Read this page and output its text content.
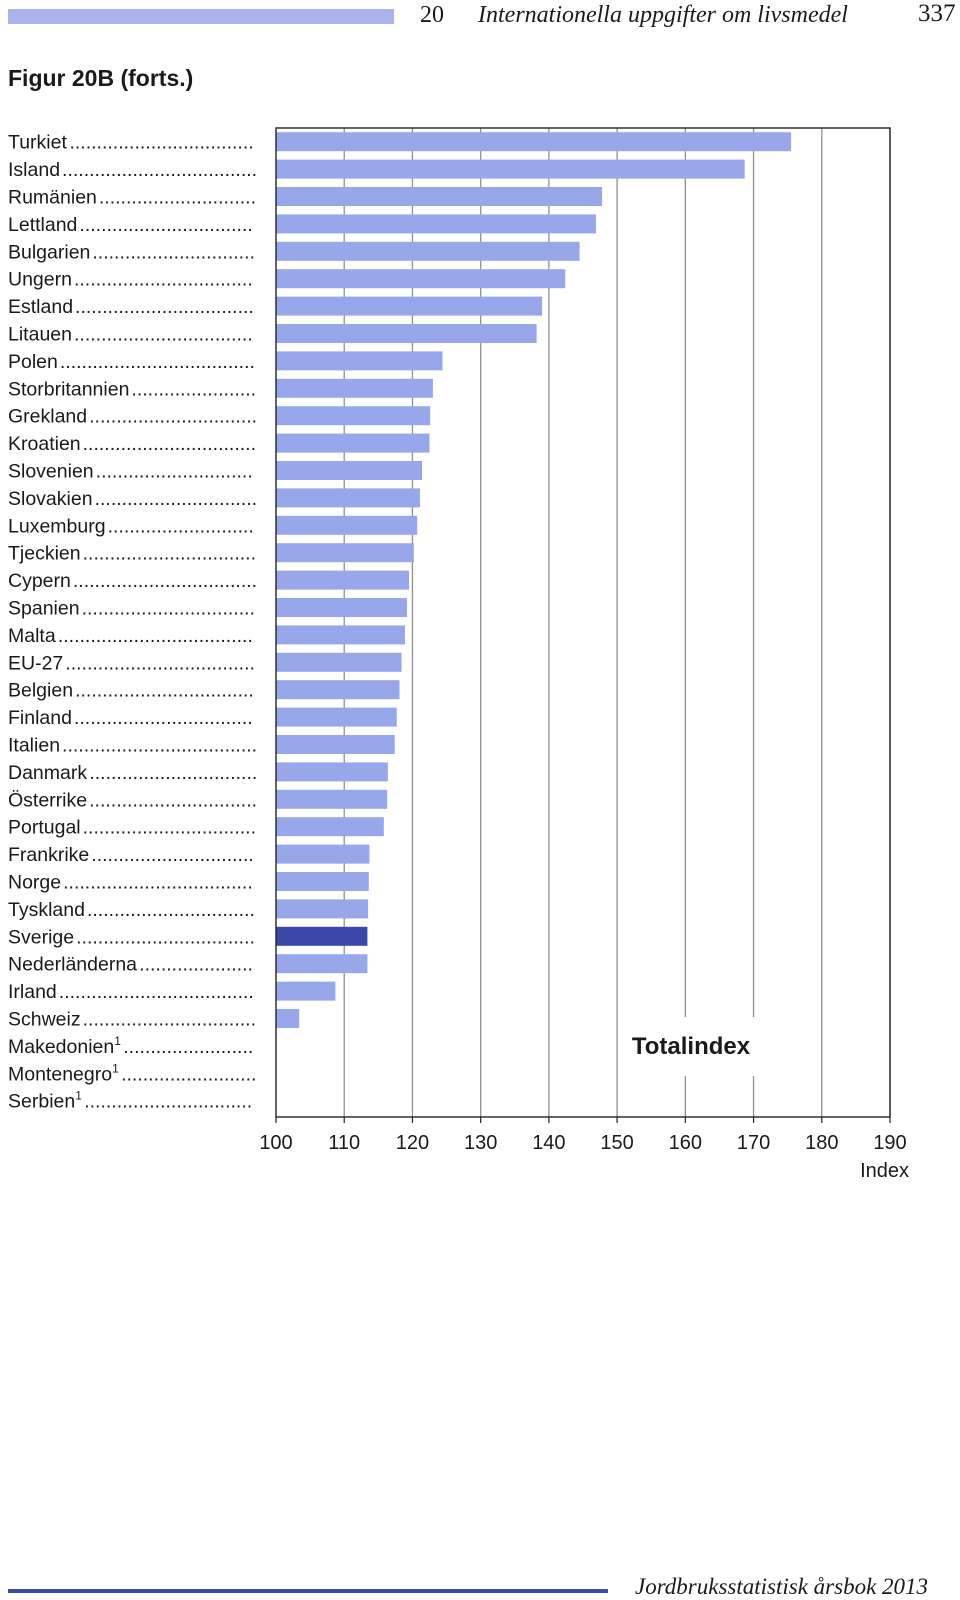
20 Internationella uppgifter om livsmedel	337
Figur 20B (forts.)
Totalindex
100 110 120 130 140 150 160 170 180 190
Index
Turkiet ..................................
Island ....................................
Rumänien .............................
Lettland ................................
Bulgarien ..............................
Ungern .................................
Estland .................................
Litauen .................................
Polen ....................................
Storbritannien .......................
Grekland ...............................
Kroatien ................................
Slovenien .............................
Slovakien ..............................
Luxemburg ...........................
Tjeckien ................................
Cypern ..................................
Spanien ................................
Malta ....................................
EU-27 ...................................
Belgien .................................
Finland .................................
Italien ....................................
Danmark ...............................
Österrike ...............................
Portugal ................................
Frankrike ..............................
Norge ...................................
Tyskland ...............................
Sverige .................................
Nederländerna .....................
Irland ....................................
Schweiz ................................
Makedonien$^1$ ........................
Montenegro$^1$ .........................
Serbien$^1$ ...............................
Jordbruksstatistisk årsbok 2013
